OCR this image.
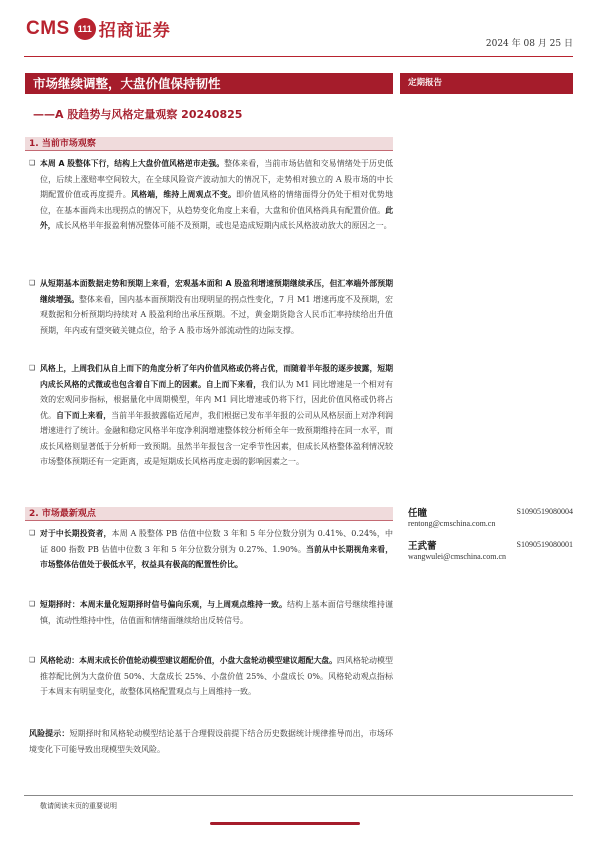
CMS 111 招商证券
2024 年 08 月 25 日
市场继续调整，大盘价值保持韧性
——A 股趋势与风格定量观察 20240825
定期报告
1. 当前市场观察
❑ 本周 A 股整体下行，结构上大盘价值风格逆市走强。整体来看，当前市场估值和交易情绪处于历史低位，后续上涨赔率空间较大，在全球风险资产波动加大的情况下，走势相对独立的 A 股市场的中长期配置价值或再度提升。风格端，维持上周观点不变。即价值风格的情绪面得分仍处于相对优势地位，在基本面尚未出现拐点的情况下，从趋势变化角度上来看，大盘和价值风格尚具有配置价值。此外，成长风格半年报盈利情况整体可能不及预期，或也是造成短期内成长风格波动放大的原因之一。
❑ 从短期基本面数据走势和预期上来看，宏观基本面和 A 股盈利增速预期继续承压，但汇率端外部预期继续增强。整体来看，国内基本面预期没有出现明显的拐点性变化，7 月 M1 增速再度不及预期，宏观数据和分析预期均持续对 A 股盈利给出承压预期。不过，黄金期货隐含人民币汇率持续给出升值预期，年内或有望突破关键点位，给予 A 股市场外部流动性的边际支撑。
❑ 风格上，上周我们从自上而下的角度分析了年内价值风格或仍将占优，而随着半年报的逐步披露，短期内成长风格的式微或也包含着自下而上的因素。自上而下来看，我们认为 M1 同比增速是一个相对有效的宏观同步指标，根据量化中周期模型，年内 M1 同比增速或仍将下行，因此价值风格或仍将占优。自下而上来看，当前半年报披露临近尾声，我们根据已发布半年报的公司从风格层面上对净利润增速进行了统计。金融和稳定风格半年度净利润增速整体较分析师全年一致预期维持在同一水平，而成长风格则显著低于分析师一致预期。虽然半年报包含一定季节性因素，但成长风格整体盈利情况较市场整体预期还有一定距离，或是短期成长风格再度走弱的影响因素之一。
2. 市场最新观点
❑ 对于中长期投资者，本周 A 股整体 PB 估值中位数 3 年和 5 年分位数分别为 0.41%、0.24%，中证 800 指数 PB 估值中位数 3 年和 5 年分位数分别为 0.27%、1.90%。当前从中长期视角来看，市场整体估值处于极低水平，权益具有极高的配置性价比。
❑ 短期择时：本周末量化短期择时信号偏向乐观，与上周观点维持一致。结构上基本面信号继续维持谨慎，流动性维持中性，估值面和情绪面继续给出反转信号。
❑ 风格轮动：本周末成长价值轮动模型建议超配价值，小盘大盘轮动模型建议超配大盘。四风格轮动模型推荐配比例为大盘价值 50%、大盘成长 25%、小盘价值 25%、小盘成长 0%。风格轮动观点指标于本周末有明显变化，故整体风格配置观点与上周维持一致。
风险提示：短期择时和风格轮动模型结论基于合理假设前提下结合历史数据统计规律推导而出，市场环境变化下可能导致出现模型失效风险。
任瞳	S1090519080004
rentong@cmschina.com.cn
王武蕾	S1090519080001
wangwulei@cmschina.com.cn
敬请阅读末页的重要说明
